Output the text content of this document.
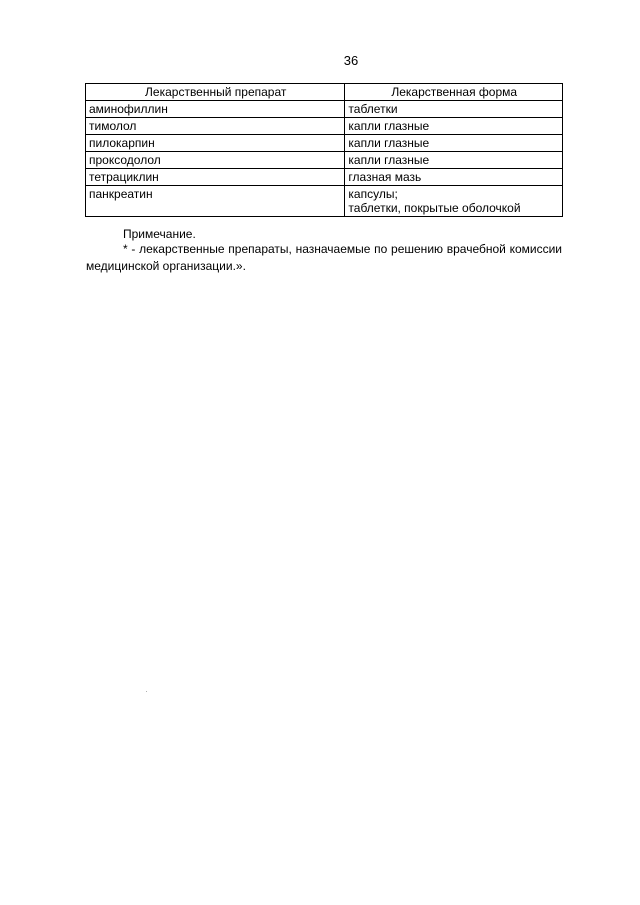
36
Лекарственный препарат	Лекарственная форма
аминофиллин	таблетки

тимолол	капли глазные

пилокарпин	капли глазные

проксодолол	капли глазные

тетрациклин	глазная мазь

панкреатин	капсулы;
таблетки, покрытые оболочкой
Примечание.
* - лекарственные препараты, назначаемые по решению врачебной комиссии медицинской организации.».
